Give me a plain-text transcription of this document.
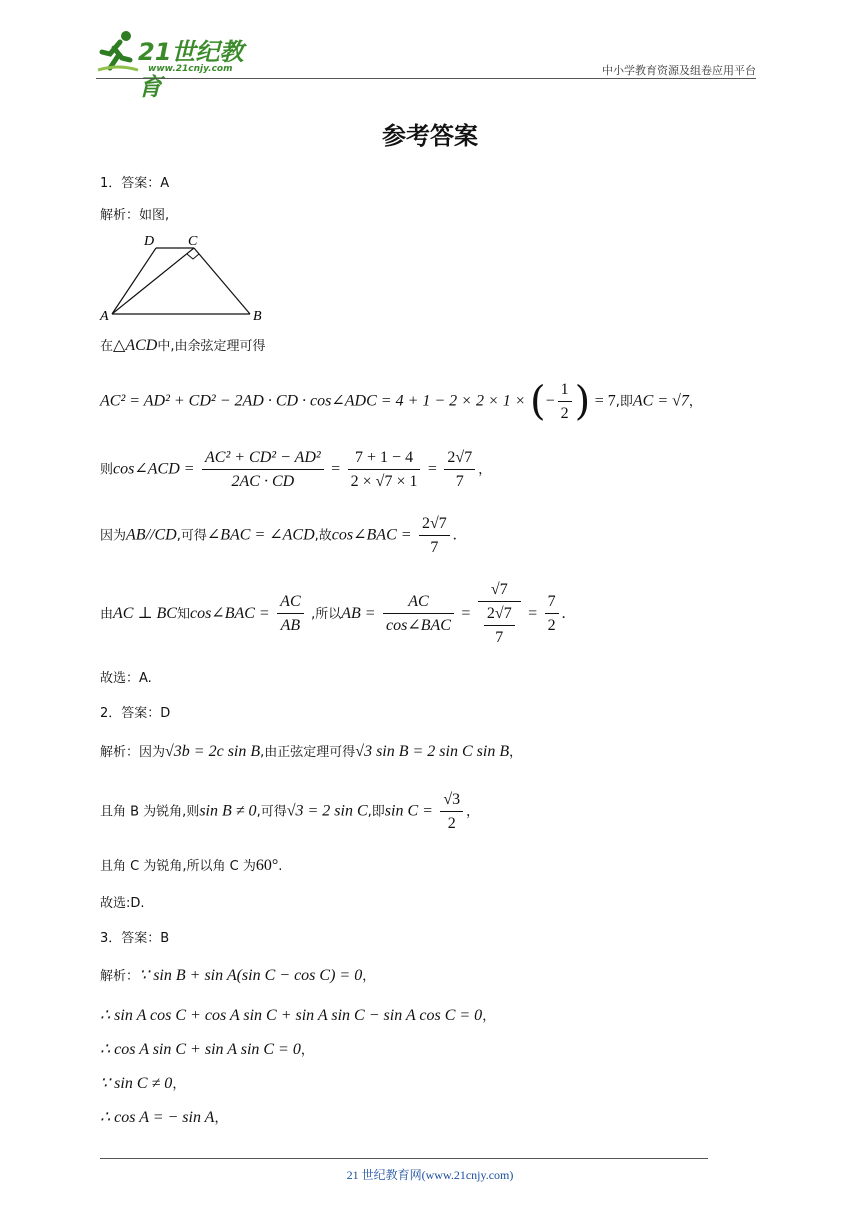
21世纪教育
www.21cnjy.com	中小学教育资源及组卷应用平台
参考答案
1．答案：A
解析：如图,
D C
A	B
在△ACD中,由余弦定理可得
AC² = AD² + CD² − 2AD · CD · cos∠ADC = 4 + 1 − 2 × 2 × 1 × (− $\frac{1}{2}$ ) = 7,即AC = √7，
则cos∠ACD = $\frac{\text{AC² + CD² − AD²}}{2AC \cdot CD} = \frac{7 + 1 - 4}{2 \times √7 \times 1} = \frac{2√7}{7}$ ，
因为AB//CD,可得∠BAC = ∠ACD,故cos∠BAC = $\frac{2√7}{7}$ .
由AC ⊥ BC知cos∠BAC = $\frac{AC}{AB}$ ,所以AB = $\frac{AC}{\text{cos∠BAC}} = \frac{√7}{\frac{2√7}{7}} = \frac{7}{2}$ .
故选：A.
2．答案：D
解析：因为√3b = 2c sin B,由正弦定理可得√3 sin B = 2 sin C sin B，
且角 B 为锐角,则sin B ≠ 0,可得√3 = 2 sin C,即$\sin C = \frac{√3}{2}$ ，
且角 C 为锐角,所以角 C 为60°.
故选:D.
3．答案：B
解析：∵ sin B + sin A(sin C − cos C) = 0，
∴ sin A cos C + cos A sin C + sin A sin C − sin A cos C = 0，
∴ cos A sin C + sin A sin C = 0，
∵ sin C ≠ 0，
∴ cos A = − sin A，
21 世纪教育网(www.21cnjy.com)
